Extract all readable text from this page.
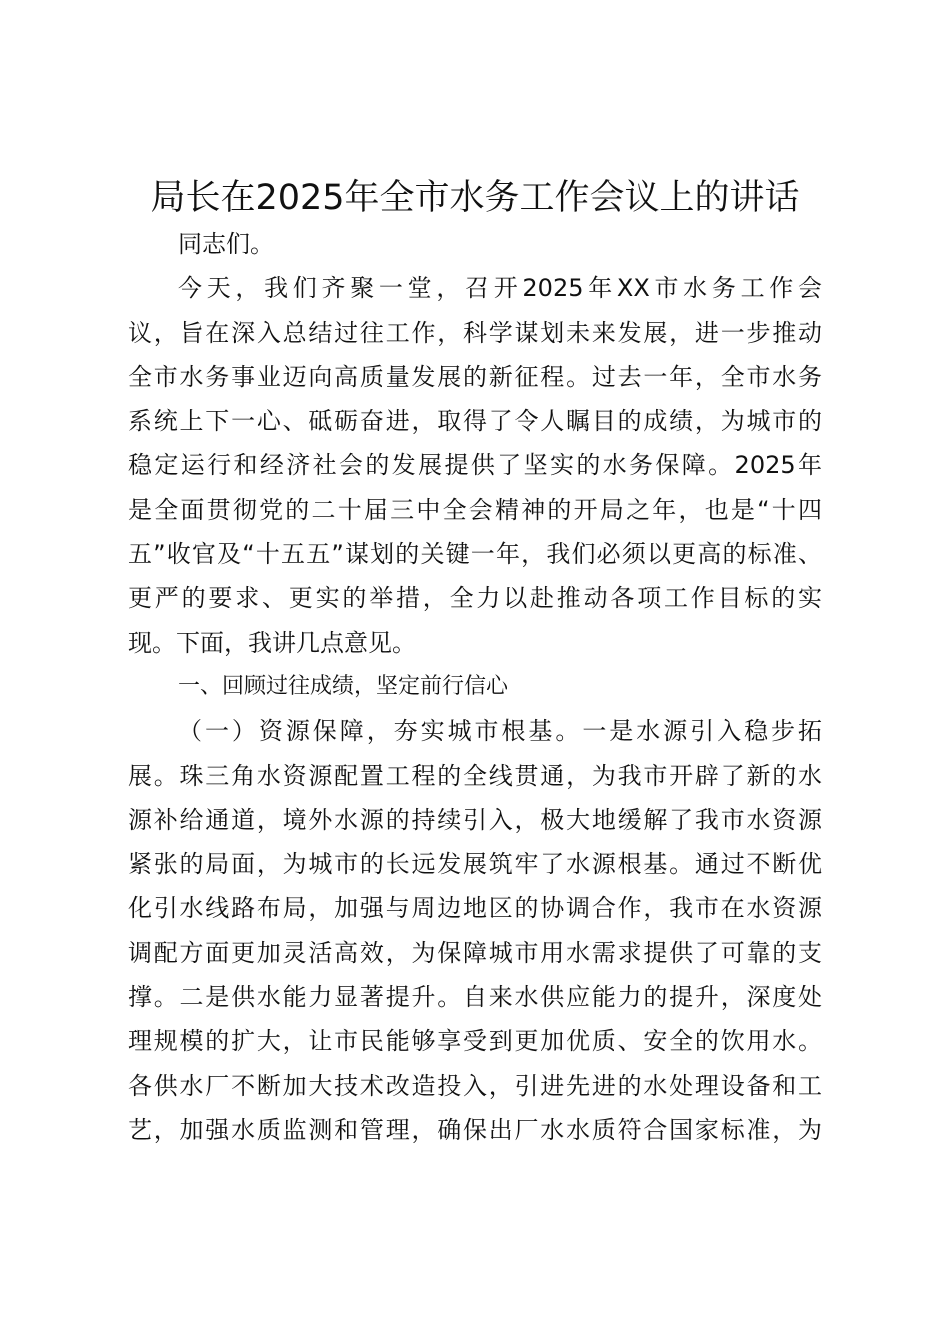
局长在2025年全市水务工作会议上的讲话
同志们。
今天，我们齐聚一堂，召开2025年XX市水务工作会
议，旨在深入总结过往工作，科学谋划未来发展，进一步推动
全市水务事业迈向高质量发展的新征程。过去一年，全市水务
系统上下一心、砥砺奋进，取得了令人瞩目的成绩，为城市的
稳定运行和经济社会的发展提供了坚实的水务保障。2025年
是全面贯彻党的二十届三中全会精神的开局之年，也是“十四
五”收官及“十五五”谋划的关键一年，我们必须以更高的标准、
更严的要求、更实的举措，全力以赴推动各项工作目标的实
现。下面，我讲几点意见。
一、回顾过往成绩，坚定前行信心
（一）资源保障，夯实城市根基。一是水源引入稳步拓
展。珠三角水资源配置工程的全线贯通，为我市开辟了新的水
源补给通道，境外水源的持续引入，极大地缓解了我市水资源
紧张的局面，为城市的长远发展筑牢了水源根基。通过不断优
化引水线路布局，加强与周边地区的协调合作，我市在水资源
调配方面更加灵活高效，为保障城市用水需求提供了可靠的支
撑。二是供水能力显著提升。自来水供应能力的提升，深度处
理规模的扩大，让市民能够享受到更加优质、安全的饮用水。
各供水厂不断加大技术改造投入，引进先进的水处理设备和工
艺，加强水质监测和管理，确保出厂水水质符合国家标准，为
